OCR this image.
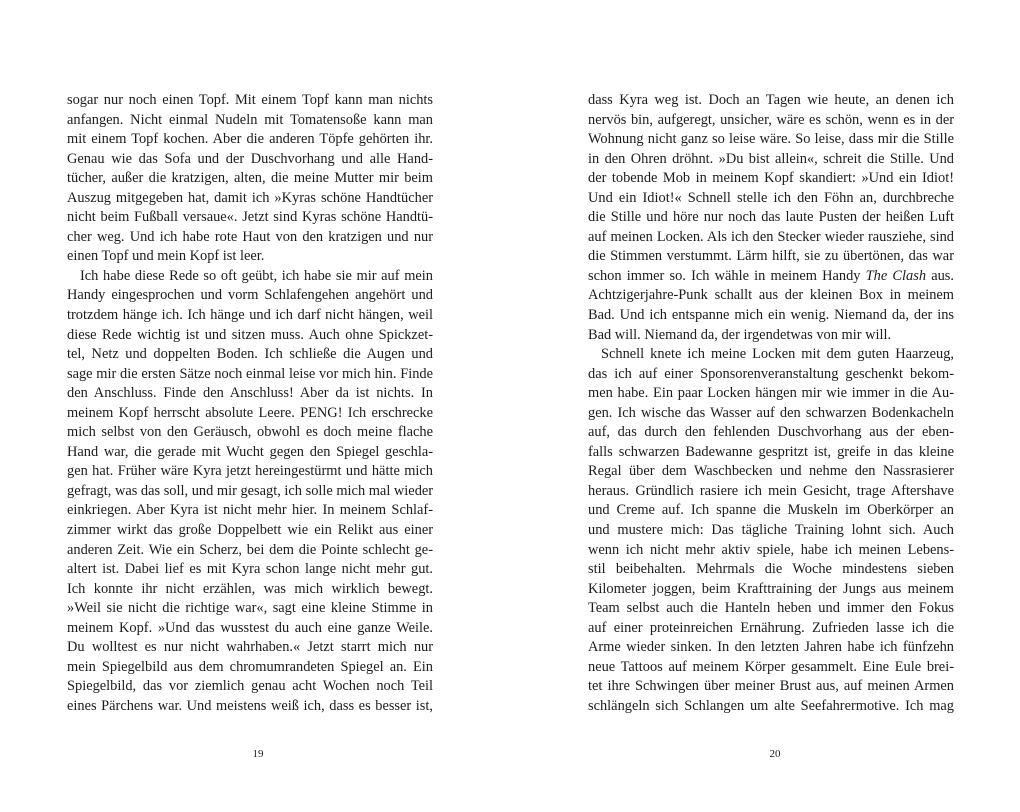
sogar nur noch einen Topf. Mit einem Topf kann man nichts
anfangen. Nicht einmal Nudeln mit Tomatensoße kann man
mit einem Topf kochen. Aber die anderen Töpfe gehörten ihr.
Genau wie das Sofa und der Duschvorhang und alle Hand-
tücher, außer die kratzigen, alten, die meine Mutter mir beim
Auszug mitgegeben hat, damit ich »Kyras schöne Handtücher
nicht beim Fußball versaue«. Jetzt sind Kyras schöne Handtü-
cher weg. Und ich habe rote Haut von den kratzigen und nur
einen Topf und mein Kopf ist leer.
Ich habe diese Rede so oft geübt, ich habe sie mir auf mein
Handy eingesprochen und vorm Schlafengehen angehört und
trotzdem hänge ich. Ich hänge und ich darf nicht hängen, weil
diese Rede wichtig ist und sitzen muss. Auch ohne Spickzet-
tel, Netz und doppelten Boden. Ich schließe die Augen und
sage mir die ersten Sätze noch einmal leise vor mich hin. Finde
den Anschluss. Finde den Anschluss! Aber da ist nichts. In
meinem Kopf herrscht absolute Leere. PENG! Ich erschrecke
mich selbst von den Geräusch, obwohl es doch meine flache
Hand war, die gerade mit Wucht gegen den Spiegel geschla-
gen hat. Früher wäre Kyra jetzt hereingestürmt und hätte mich
gefragt, was das soll, und mir gesagt, ich solle mich mal wieder
einkriegen. Aber Kyra ist nicht mehr hier. In meinem Schlaf-
zimmer wirkt das große Doppelbett wie ein Relikt aus einer
anderen Zeit. Wie ein Scherz, bei dem die Pointe schlecht ge-
altert ist. Dabei lief es mit Kyra schon lange nicht mehr gut.
Ich konnte ihr nicht erzählen, was mich wirklich bewegt.
»Weil sie nicht die richtige war«, sagt eine kleine Stimme in
meinem Kopf. »Und das wusstest du auch eine ganze Weile.
Du wolltest es nur nicht wahrhaben.« Jetzt starrt mich nur
mein Spiegelbild aus dem chromumrandeten Spiegel an. Ein
Spiegelbild, das vor ziemlich genau acht Wochen noch Teil
eines Pärchens war. Und meistens weiß ich, dass es besser ist,
dass Kyra weg ist. Doch an Tagen wie heute, an denen ich
nervös bin, aufgeregt, unsicher, wäre es schön, wenn es in der
Wohnung nicht ganz so leise wäre. So leise, dass mir die Stille
in den Ohren dröhnt. »Du bist allein«, schreit die Stille. Und
der tobende Mob in meinem Kopf skandiert: »Und ein Idiot!
Und ein Idiot!« Schnell stelle ich den Föhn an, durchbreche
die Stille und höre nur noch das laute Pusten der heißen Luft
auf meinen Locken. Als ich den Stecker wieder rausziehe, sind
die Stimmen verstummt. Lärm hilft, sie zu übertönen, das war
schon immer so. Ich wähle in meinem Handy The Clash aus.
Achtzigerjahre-Punk schallt aus der kleinen Box in meinem
Bad. Und ich entspanne mich ein wenig. Niemand da, der ins
Bad will. Niemand da, der irgendetwas von mir will.
Schnell knete ich meine Locken mit dem guten Haarzeug,
das ich auf einer Sponsorenveranstaltung geschenkt bekom-
men habe. Ein paar Locken hängen mir wie immer in die Au-
gen. Ich wische das Wasser auf den schwarzen Bodenkacheln
auf, das durch den fehlenden Duschvorhang aus der eben-
falls schwarzen Badewanne gespritzt ist, greife in das kleine
Regal über dem Waschbecken und nehme den Nassrasierer
heraus. Gründlich rasiere ich mein Gesicht, trage Aftershave
und Creme auf. Ich spanne die Muskeln im Oberkörper an
und mustere mich: Das tägliche Training lohnt sich. Auch
wenn ich nicht mehr aktiv spiele, habe ich meinen Lebens-
stil beibehalten. Mehrmals die Woche mindestens sieben
Kilometer joggen, beim Krafttraining der Jungs aus meinem
Team selbst auch die Hanteln heben und immer den Fokus
auf einer proteinreichen Ernährung. Zufrieden lasse ich die
Arme wieder sinken. In den letzten Jahren habe ich fünfzehn
neue Tattoos auf meinem Körper gesammelt. Eine Eule brei-
tet ihre Schwingen über meiner Brust aus, auf meinen Armen
schlängeln sich Schlangen um alte Seefahrermotive. Ich mag
19	20
